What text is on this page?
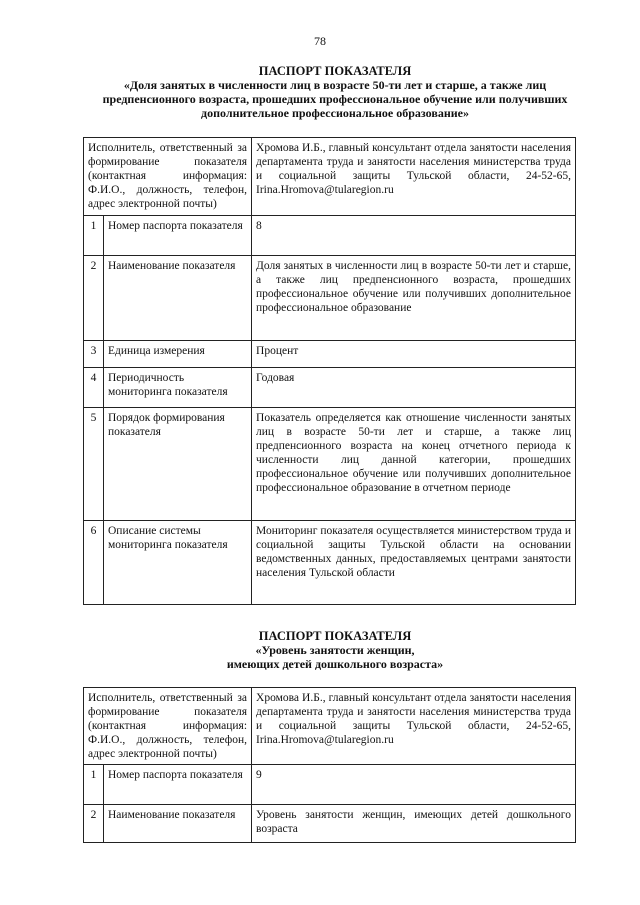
78
ПАСПОРТ ПОКАЗАТЕЛЯ
«Доля занятых в численности лиц в возрасте 50-ти лет и старше, а также лиц предпенсионного возраста, прошедших профессиональное обучение или получивших дополнительное профессиональное образование»
Исполнитель, ответственный за формирование показателя (контактная информация: Ф.И.О., должность, телефон, адрес электронной почты)		Хромова И.Б., главный консультант отдела занятости населения департамента труда и занятости населения министерства труда и социальной защиты Тульской области, 24-52-65, Irina.Hromova@tularegion.ru
1	Номер паспорта показателя	8
2	Наименование показателя	Доля занятых в численности лиц в возрасте 50-ти лет и старше, а также лиц предпенсионного возраста, прошедших профессиональное обучение или получивших дополнительное профессиональное образование
3	Единица измерения	Процент
4	Периодичность мониторинга показателя	Годовая
5	Порядок формирования показателя	Показатель определяется как отношение численности занятых лиц в возрасте 50-ти лет и старше, а также лиц предпенсионного возраста на конец отчетного периода к численности лиц данной категории, прошедших профессиональное обучение или получивших дополнительное профессиональное образование в отчетном периоде
6	Описание системы мониторинга показателя	Мониторинг показателя осуществляется министерством труда и социальной защиты Тульской области на основании ведомственных данных, предоставляемых центрами занятости населения Тульской области
ПАСПОРТ ПОКАЗАТЕЛЯ
«Уровень занятости женщин,
имеющих детей дошкольного возраста»
Исполнитель, ответственный за формирование показателя (контактная информация: Ф.И.О., должность, телефон, адрес электронной почты)		Хромова И.Б., главный консультант отдела занятости населения департамента труда и занятости населения министерства труда и социальной защиты Тульской области, 24-52-65, Irina.Hromova@tularegion.ru
1	Номер паспорта показателя	9
2	Наименование показателя	Уровень занятости женщин, имеющих детей дошкольного возраста
